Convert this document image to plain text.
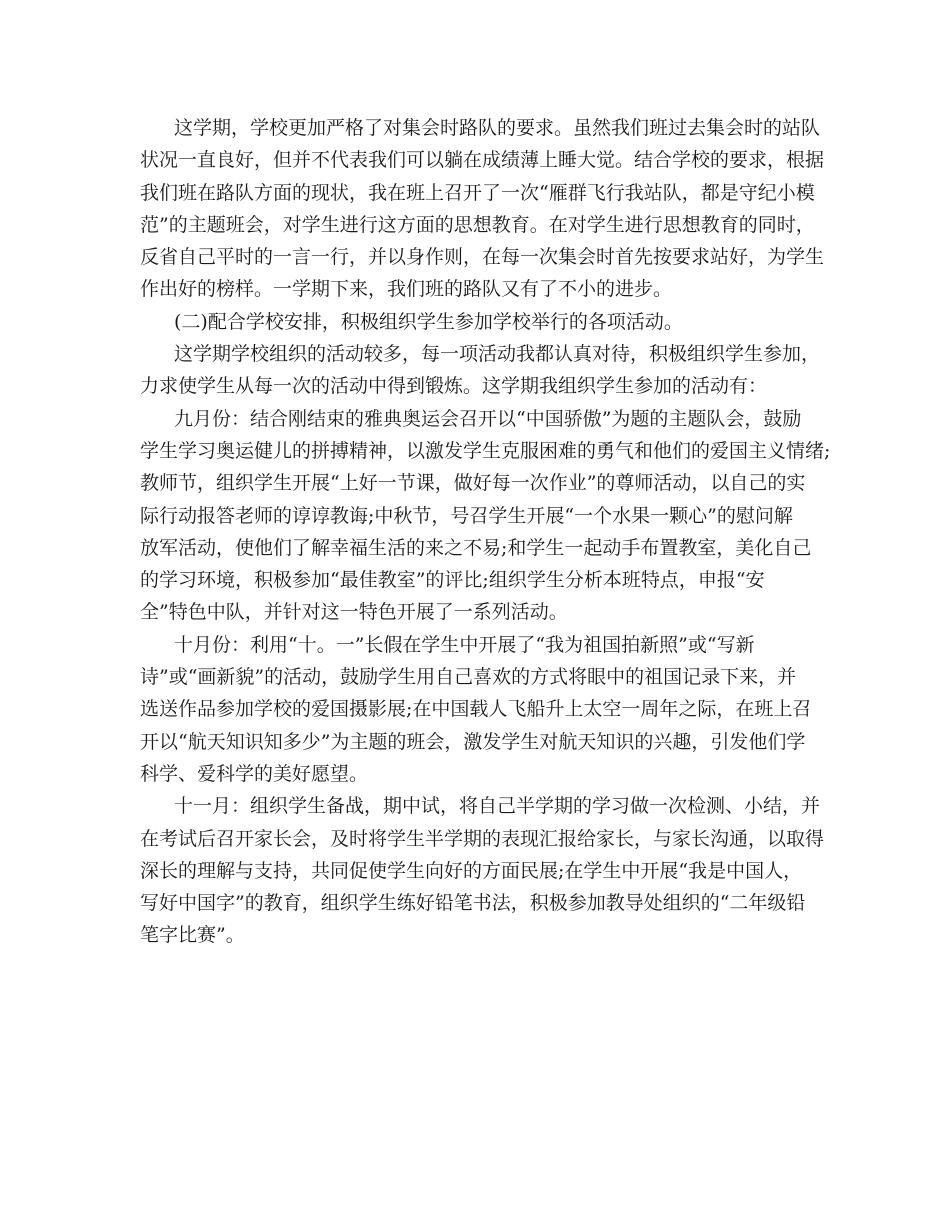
这学期，学校更加严格了对集会时路队的要求。虽然我们班过去集会时的站队

状况一直良好，但并不代表我们可以躺在成绩薄上睡大觉。结合学校的要求，根据

我们班在路队方面的现状，我在班上召开了一次“雁群飞行我站队，都是守纪小模

范”的主题班会，对学生进行这方面的思想教育。在对学生进行思想教育的同时，

反省自己平时的一言一行，并以身作则，在每一次集会时首先按要求站好，为学生

作出好的榜样。一学期下来，我们班的路队又有了不小的进步。

(二)配合学校安排，积极组织学生参加学校举行的各项活动。

这学期学校组织的活动较多，每一项活动我都认真对待，积极组织学生参加，

力求使学生从每一次的活动中得到锻炼。这学期我组织学生参加的活动有：

九月份：结合刚结束的雅典奥运会召开以“中国骄傲”为题的主题队会，鼓励

学生学习奥运健儿的拼搏精神，以激发学生克服困难的勇气和他们的爱国主义情绪;

教师节，组织学生开展“上好一节课，做好每一次作业”的尊师活动，以自己的实

际行动报答老师的谆谆教诲;中秋节，号召学生开展“一个水果一颗心”的慰问解

放军活动，使他们了解幸福生活的来之不易;和学生一起动手布置教室，美化自己

的学习环境，积极参加“最佳教室”的评比;组织学生分析本班特点，申报“安

全”特色中队，并针对这一特色开展了一系列活动。

十月份：利用“十。一”长假在学生中开展了“我为祖国拍新照”或“写新

诗”或“画新貌”的活动，鼓励学生用自己喜欢的方式将眼中的祖国记录下来，并

选送作品参加学校的爱国摄影展;在中国载人飞船升上太空一周年之际，在班上召

开以“航天知识知多少”为主题的班会，激发学生对航天知识的兴趣，引发他们学

科学、爱科学的美好愿望。

十一月：组织学生备战，期中试，将自己半学期的学习做一次检测、小结，并

在考试后召开家长会，及时将学生半学期的表现汇报给家长，与家长沟通，以取得

深长的理解与支持，共同促使学生向好的方面民展;在学生中开展“我是中国人，

写好中国字”的教育，组织学生练好铅笔书法，积极参加教导处组织的“二年级铅

笔字比赛”。
